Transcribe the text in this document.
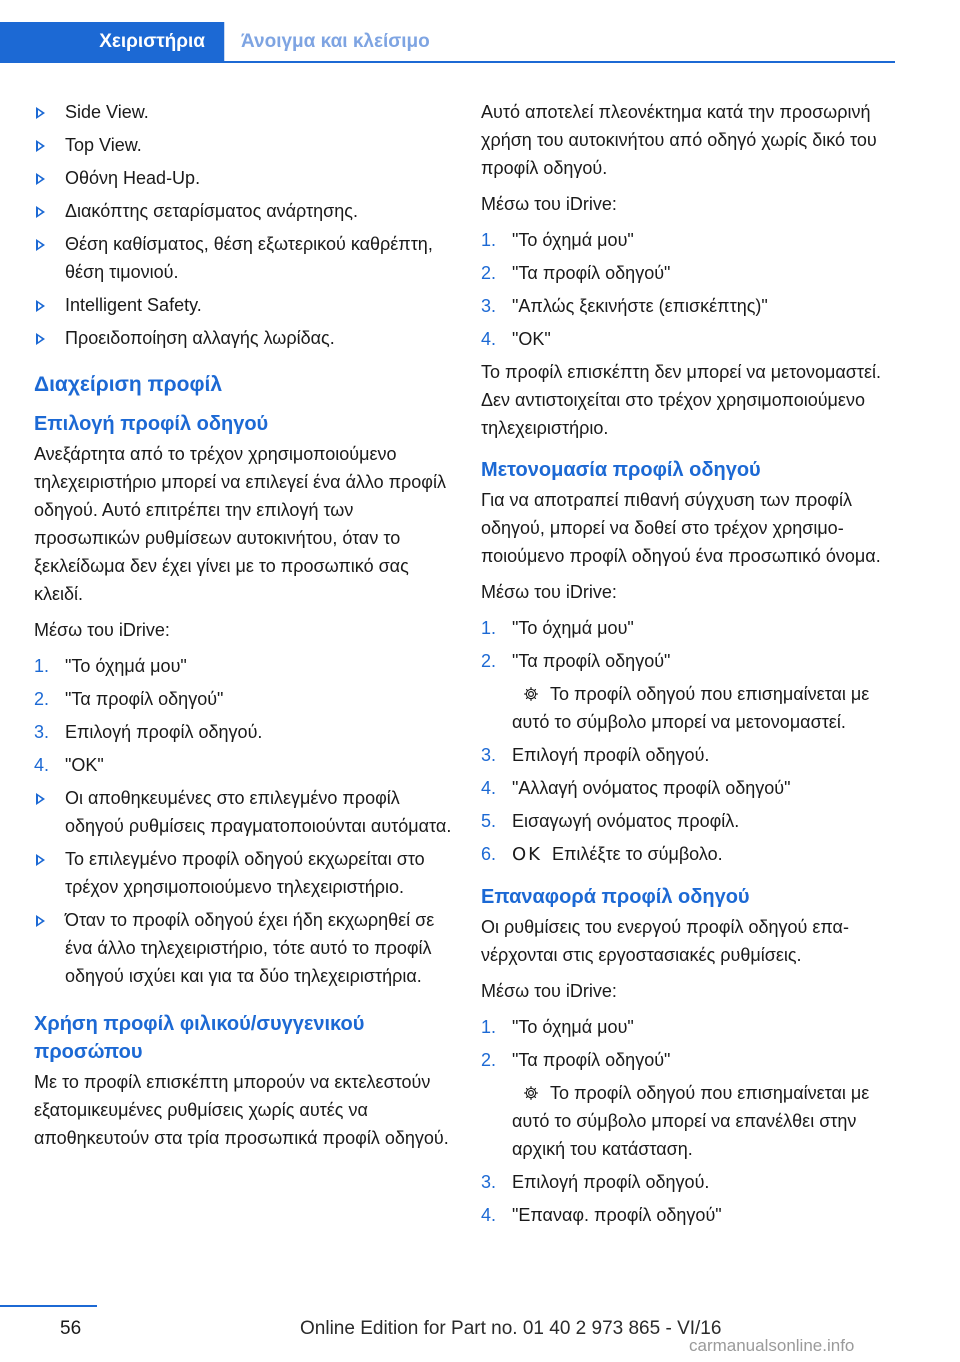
Χειριστήρια Άνοιγμα και κλείσιμο
Side View.
Top View.
Οθόνη Head-Up.
Διακόπτης σεταρίσματος ανάρτησης.
Θέση καθίσματος, θέση εξωτερικού καθρέπτη, θέση τιμονιού.
Intelligent Safety.
Προειδοποίηση αλλαγής λωρίδας.
Διαχείριση προφίλ
Επιλογή προφίλ οδηγού

Ανεξάρτητα από το τρέχον χρησιμοποιούμενο τηλεχειριστήριο μπορεί να επιλεγεί ένα άλλο προφίλ οδηγού. Αυτό επιτρέπει την επιλογή των προσωπικών ρυθμίσεων αυτοκινήτου, όταν το ξεκλείδωμα δεν έχει γίνει με το προσωπικό σας κλειδί.

Μέσω του iDrive:

1. "Το όχημά μου"
2. "Τα προφίλ οδηγού"
3. Επιλογή προφίλ οδηγού.
4. "OK"
Οι αποθηκευμένες στο επιλεγμένο προφίλ οδηγού ρυθμίσεις πραγματοποιούνται αυτόματα.
Το επιλεγμένο προφίλ οδηγού εκχωρείται στο τρέχον χρησιμοποιούμενο τηλεχειριστήριο.
Όταν το προφίλ οδηγού έχει ήδη εκχωρηθεί σε ένα άλλο τηλεχειριστήριο, τότε αυτό το προφίλ οδηγού ισχύει και για τα δύο τηλεχειριστήρια.
Χρήση προφίλ φιλικού/συγγενικού προσώπου

Με το προφίλ επισκέπτη μπορούν να εκτελεστούν εξατομικευμένες ρυθμίσεις χωρίς αυτές να αποθηκευτούν στα τρία προσωπικά προφίλ οδηγού.

Αυτό αποτελεί πλεονέκτημα κατά την προσωρινή χρήση του αυτοκινήτου από οδηγό χωρίς δικό του προφίλ οδηγού.

Μέσω του iDrive:

1. "Το όχημά μου"
2. "Τα προφίλ οδηγού"
3. "Απλώς ξεκινήστε (επισκέπτης)"
4. "OK"

Το προφίλ επισκέπτη δεν μπορεί να μετονομαστεί. Δεν αντιστοιχείται στο τρέχον χρησιμοποιούμενο τηλεχειριστήριο.

Μετονομασία προφίλ οδηγού

Για να αποτραπεί πιθανή σύγχυση των προφίλ οδηγού, μπορεί να δοθεί στο τρέχον χρησιμοποιούμενο προφίλ οδηγού ένα προσωπικό όνομα.

Μέσω του iDrive:

1. "Το όχημά μου"
2. "Τα προφίλ οδηγού"
Το προφίλ οδηγού που επισημαίνεται με αυτό το σύμβολο μπορεί να μετονομαστεί.
3. Επιλογή προφίλ οδηγού.
4. "Αλλαγή ονόματος προφίλ οδηγού"
5. Εισαγωγή ονόματος προφίλ.
6. OK Επιλέξτε το σύμβολο.
Επαναφορά προφίλ οδηγού

Οι ρυθμίσεις του ενεργού προφίλ οδηγού επανέρχονται στις εργοστασιακές ρυθμίσεις.

Μέσω του iDrive:

1. "Το όχημά μου"
2. "Τα προφίλ οδηγού"
Το προφίλ οδηγού που επισημαίνεται με αυτό το σύμβολο μπορεί να επανέλθει στην αρχική του κατάσταση.
3. Επιλογή προφίλ οδηγού.
4. "Επαναφ. προφίλ οδηγού"
56	Online Edition for Part no. 01 40 2 973 865 - VI/16
carmanualsonline.info
